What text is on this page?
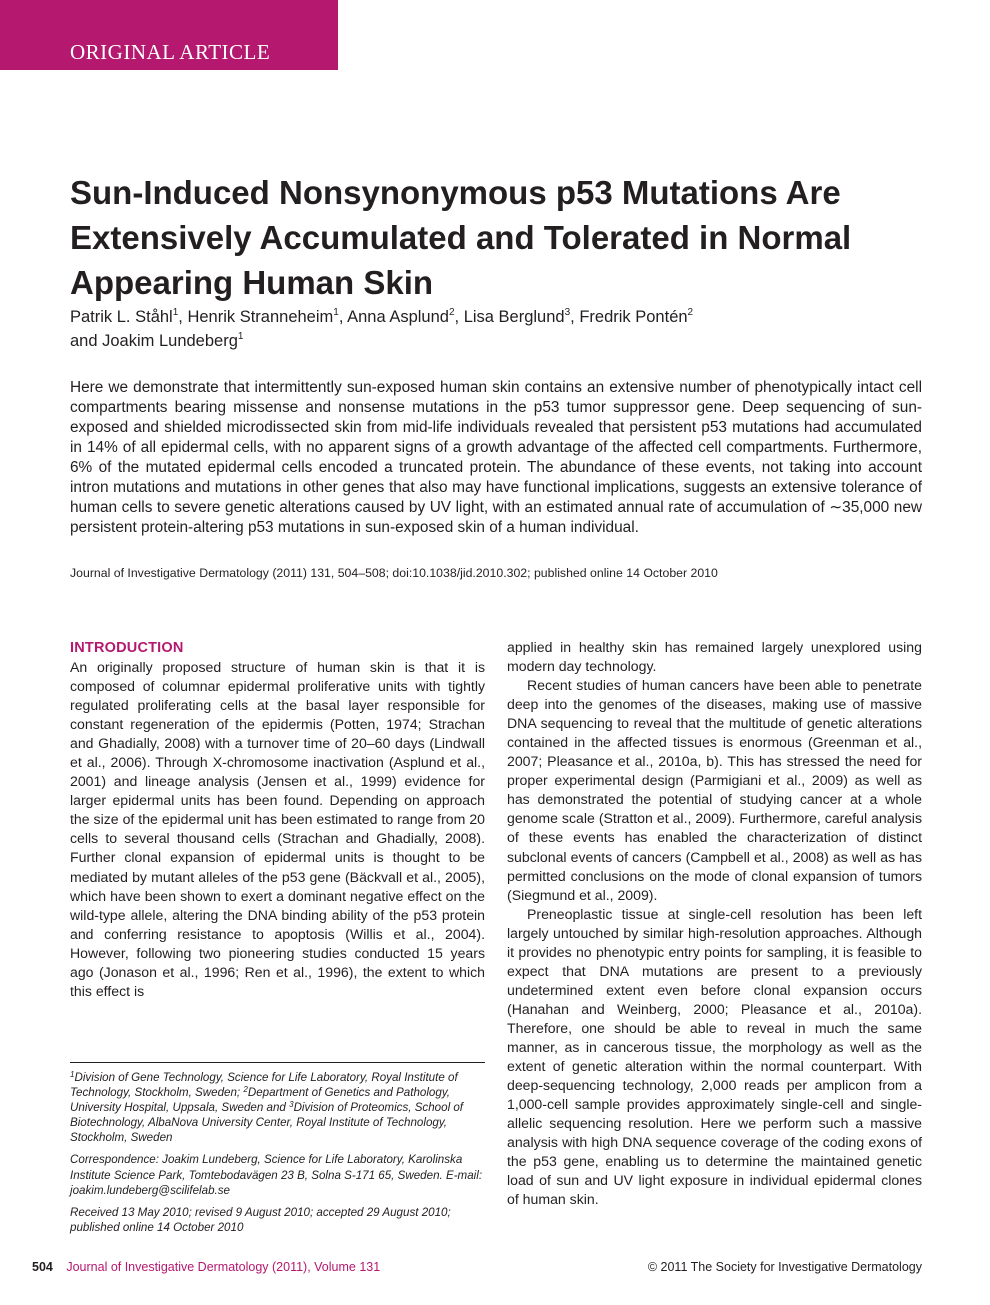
ORIGINAL ARTICLE
Sun-Induced Nonsynonymous p53 Mutations Are Extensively Accumulated and Tolerated in Normal Appearing Human Skin
Patrik L. Ståhl$^1$, Henrik Stranneheim$^1$, Anna Asplund$^2$, Lisa Berglund$^3$, Fredrik Pontén$^2$
and Joakim Lundeberg$^1$

Here we demonstrate that intermittently sun-exposed human skin contains an extensive number of phenotypically intact cell compartments bearing missense and nonsense mutations in the p53 tumor suppressor gene. Deep sequencing of sun-exposed and shielded microdissected skin from mid-life individuals revealed that persistent p53 mutations had accumulated in 14% of all epidermal cells, with no apparent signs of a growth advantage of the affected cell compartments. Furthermore, 6% of the mutated epidermal cells encoded a truncated protein. The abundance of these events, not taking into account intron mutations and mutations in other genes that also may have functional implications, suggests an extensive tolerance of human cells to severe genetic alterations caused by UV light, with an estimated annual rate of accumulation of ∼35,000 new persistent protein-altering p53 mutations in sun-exposed skin of a human individual.

Journal of Investigative Dermatology (2011) 131, 504–508; doi:10.1038/jid.2010.302; published online 14 October 2010
INTRODUCTION

An originally proposed structure of human skin is that it is composed of columnar epidermal proliferative units with tightly regulated proliferating cells at the basal layer responsible for constant regeneration of the epidermis (Potten, 1974; Strachan and Ghadially, 2008) with a turnover time of 20–60 days (Lindwall et al., 2006). Through X-chromosome inactivation (Asplund et al., 2001) and lineage analysis (Jensen et al., 1999) evidence for larger epidermal units has been found. Depending on approach the size of the epidermal unit has been estimated to range from 20 cells to several thousand cells (Strachan and Ghadially, 2008). Further clonal expansion of epidermal units is thought to be mediated by mutant alleles of the p53 gene (Bäckvall et al., 2005), which have been shown to exert a dominant negative effect on the wild-type allele, altering the DNA binding ability of the p53 protein and conferring resistance to apoptosis (Willis et al., 2004). However, following two pioneering studies conducted 15 years ago (Jonason et al., 1996; Ren et al., 1996), the extent to which this effect is

$^1$Division of Gene Technology, Science for Life Laboratory, Royal Institute of Technology, Stockholm, Sweden; $^2$Department of Genetics and Pathology, University Hospital, Uppsala, Sweden and $^3$Division of Proteomics, School of Biotechnology, AlbaNova University Center, Royal Institute of Technology, Stockholm, Sweden

Correspondence: Joakim Lundeberg, Science for Life Laboratory, Karolinska Institute Science Park, Tomtebodavägen 23 B, Solna S-171 65, Sweden. E-mail: joakim.lundeberg@scilifelab.se

Received 13 May 2010; revised 9 August 2010; accepted 29 August 2010; published online 14 October 2010

applied in healthy skin has remained largely unexplored using modern day technology.

Recent studies of human cancers have been able to penetrate deep into the genomes of the diseases, making use of massive DNA sequencing to reveal that the multitude of genetic alterations contained in the affected tissues is enormous (Greenman et al., 2007; Pleasance et al., 2010a, b). This has stressed the need for proper experimental design (Parmigiani et al., 2009) as well as has demonstrated the potential of studying cancer at a whole genome scale (Stratton et al., 2009). Furthermore, careful analysis of these events has enabled the characterization of distinct subclonal events of cancers (Campbell et al., 2008) as well as has permitted conclusions on the mode of clonal expansion of tumors (Siegmund et al., 2009).

Preneoplastic tissue at single-cell resolution has been left largely untouched by similar high-resolution approaches. Although it provides no phenotypic entry points for sampling, it is feasible to expect that DNA mutations are present to a previously undetermined extent even before clonal expansion occurs (Hanahan and Weinberg, 2000; Pleasance et al., 2010a). Therefore, one should be able to reveal in much the same manner, as in cancerous tissue, the morphology as well as the extent of genetic alteration within the normal counterpart. With deep-sequencing technology, 2,000 reads per amplicon from a 1,000-cell sample provides approximately single-cell and single-allelic sequencing resolution. Here we perform such a massive analysis with high DNA sequence coverage of the coding exons of the p53 gene, enabling us to determine the maintained genetic load of sun and UV light exposure in individual epidermal clones of human skin.

504 Journal of Investigative Dermatology (2011), Volume 131	© 2011 The Society for Investigative Dermatology
